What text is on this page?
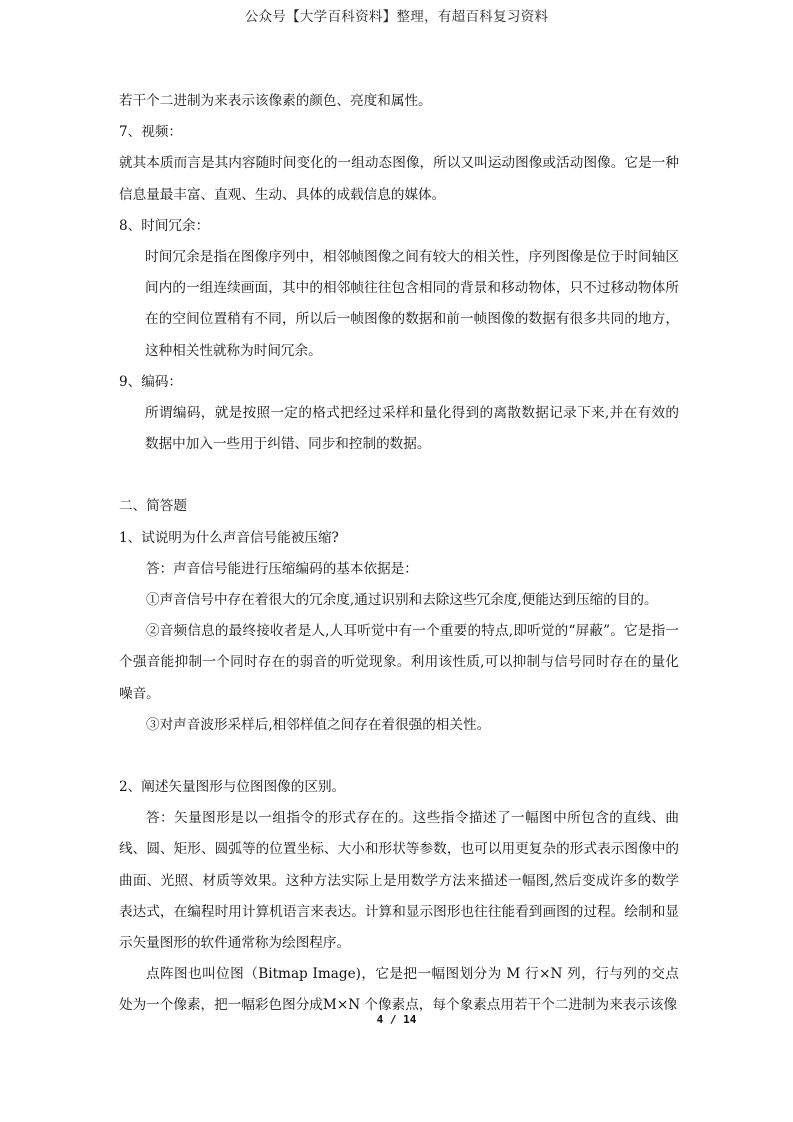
公众号【大学百科资料】整理，有超百科复习资料

若干个二进制为来表示该像素的颜色、亮度和属性。

7、视频：

就其本质而言是其内容随时间变化的一组动态图像，所以又叫运动图像或活动图像。它是一种信息量最丰富、直观、生动、具体的成载信息的媒体。

8、时间冗余：

时间冗余是指在图像序列中，相邻帧图像之间有较大的相关性，序列图像是位于时间轴区间内的一组连续画面，其中的相邻帧往往包含相同的背景和移动物体，只不过移动物体所在的空间位置稍有不同，所以后一帧图像的数据和前一帧图像的数据有很多共同的地方，这种相关性就称为时间冗余。

9、编码：

所谓编码，就是按照一定的格式把经过采样和量化得到的离散数据记录下来,并在有效的数据中加入一些用于纠错、同步和控制的数据。

二、简答题

1、试说明为什么声音信号能被压缩?

答：声音信号能进行压缩编码的基本依据是：

①声音信号中存在着很大的冗余度,通过识别和去除这些冗余度,便能达到压缩的目的。

②音频信息的最终接收者是人,人耳听觉中有一个重要的特点,即听觉的“屏蔽”。它是指一个强音能抑制一个同时存在的弱音的听觉现象。利用该性质,可以抑制与信号同时存在的量化噪音。

③对声音波形采样后,相邻样值之间存在着很强的相关性。

2、阐述矢量图形与位图图像的区别。

答：矢量图形是以一组指令的形式存在的。这些指令描述了一幅图中所包含的直线、曲线、圆、矩形、圆弧等的位置坐标、大小和形状等参数，也可以用更复杂的形式表示图像中的曲面、光照、材质等效果。这种方法实际上是用数学方法来描述一幅图,然后变成许多的数学表达式，在编程时用计算机语言来表达。计算和显示图形也往往能看到画图的过程。绘制和显示矢量图形的软件通常称为绘图程序。

点阵图也叫位图（Bitmap Image)，它是把一幅图划分为 M 行×N 列，行与列的交点处为一个像素，把一幅彩色图分成M×N 个像素点，每个象素点用若干个二进制为来表示该像

4 / 14
